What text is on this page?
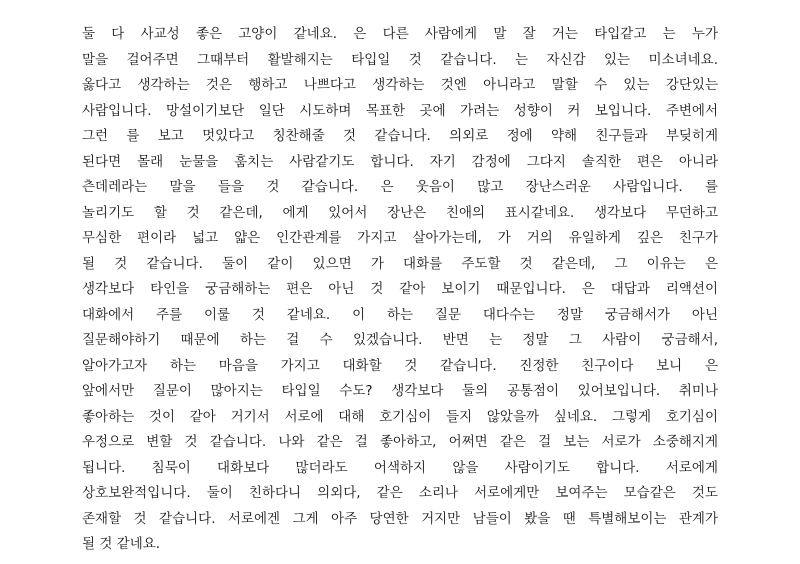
둘 다 사교성 좋은 고양이 같네요. 은 다른 사람에게 말 잘 거는 타입같고 는 누가
말을 걸어주면 그때부터 활발해지는 타입일 것 같습니다. 는 자신감 있는 미소녀네요.
옳다고 생각하는 것은 행하고 나쁘다고 생각하는 것엔 아니라고 말할 수 있는 강단있는
사람입니다. 망설이기보단 일단 시도하며 목표한 곳에 가려는 성향이 커 보입니다. 주변에서
그런 를 보고 멋있다고 칭찬해줄 것 같습니다. 의외로 정에 약해 친구들과 부딪히게
된다면 몰래 눈물을 훔치는 사람같기도 합니다. 자기 감정에 그다지 솔직한 편은 아니라
츤데레라는 말을 들을 것 같습니다. 은 웃음이 많고 장난스러운 사람입니다. 를
놀리기도 할 것 같은데, 에게 있어서 장난은 친애의 표시같네요. 생각보다 무던하고
무심한 편이라 넓고 얇은 인간관계를 가지고 살아가는데, 가 거의 유일하게 깊은 친구가
될 것 같습니다. 둘이 같이 있으면 가 대화를 주도할 것 같은데, 그 이유는 은
생각보다 타인을 궁금해하는 편은 아닌 것 같아 보이기 때문입니다. 은 대답과 리액션이
대화에서 주를 이룰 것 같네요. 이 하는 질문 대다수는 정말 궁금해서가 아닌
질문해야하기 때문에 하는 걸 수 있겠습니다. 반면 는 정말 그 사람이 궁금해서,
알아가고자 하는 마음을 가지고 대화할 것 같습니다. 진정한 친구이다 보니 은
앞에서만 질문이 많아지는 타입일 수도? 생각보다 둘의 공통점이 있어보입니다. 취미나
좋아하는 것이 같아 거기서 서로에 대해 호기심이 들지 않았을까 싶네요. 그렇게 호기심이
우정으로 변할 것 같습니다. 나와 같은 걸 좋아하고, 어쩌면 같은 걸 보는 서로가 소중해지게
됩니다. 침묵이 대화보다 많더라도 어색하지 않을 사람이기도 합니다. 서로에게
상호보완적입니다. 둘이 친하다니 의외다, 같은 소리나 서로에게만 보여주는 모습같은 것도
존재할 것 같습니다. 서로에겐 그게 아주 당연한 거지만 남들이 봤을 땐 특별해보이는 관계가
될 것 같네요.
